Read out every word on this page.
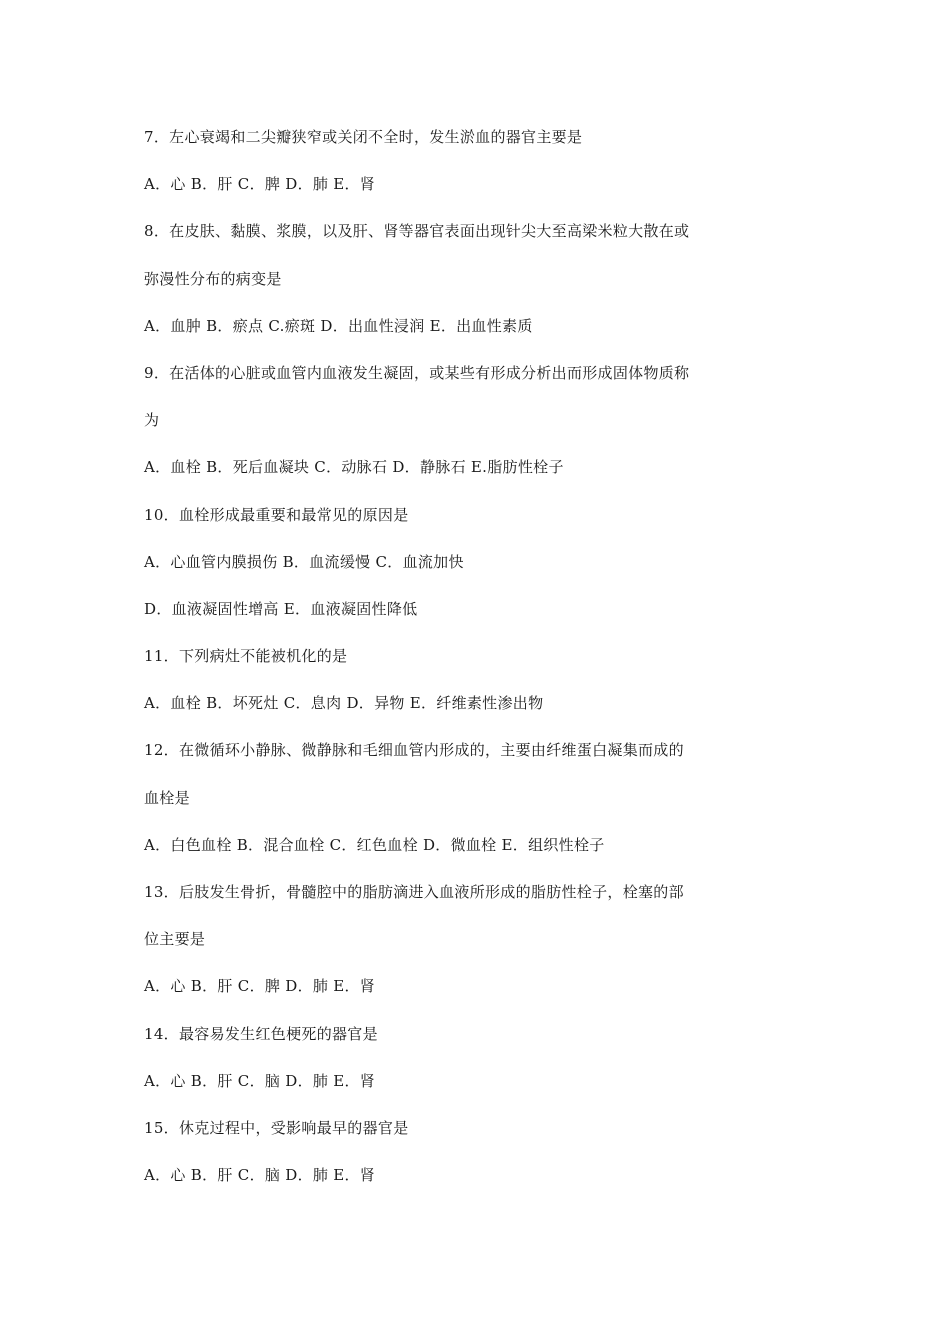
7．左心衰竭和二尖瓣狭窄或关闭不全时，发生淤血的器官主要是
A．心 B．肝 C．脾 D．肺 E．肾
8．在皮肤、黏膜、浆膜，以及肝、肾等器官表面出现针尖大至高梁米粒大散在或
弥漫性分布的病变是
A．血肿 B．瘀点 C.瘀斑 D．出血性浸润 E．出血性素质
9．在活体的心脏或血管内血液发生凝固，或某些有形成分析出而形成固体物质称
为
A．血栓 B．死后血凝块 C．动脉石 D．静脉石 E.脂肪性栓子
10．血栓形成最重要和最常见的原因是
A．心血管内膜损伤 B．血流缓慢 C．血流加快
D．血液凝固性增高 E．血液凝固性降低
11．下列病灶不能被机化的是
A．血栓 B．坏死灶 C．息肉 D．异物 E．纤维素性渗出物
12．在微循环小静脉、微静脉和毛细血管内形成的，主要由纤维蛋白凝集而成的
血栓是
A．白色血栓 B．混合血栓 C．红色血栓 D．微血栓 E．组织性栓子
13．后肢发生骨折，骨髓腔中的脂肪滴进入血液所形成的脂肪性栓子，栓塞的部
位主要是
A．心 B．肝 C．脾 D．肺 E．肾
14．最容易发生红色梗死的器官是
A．心 B．肝 C．脑 D．肺 E．肾
15．休克过程中，受影响最早的器官是
A．心 B．肝 C．脑 D．肺 E．肾
